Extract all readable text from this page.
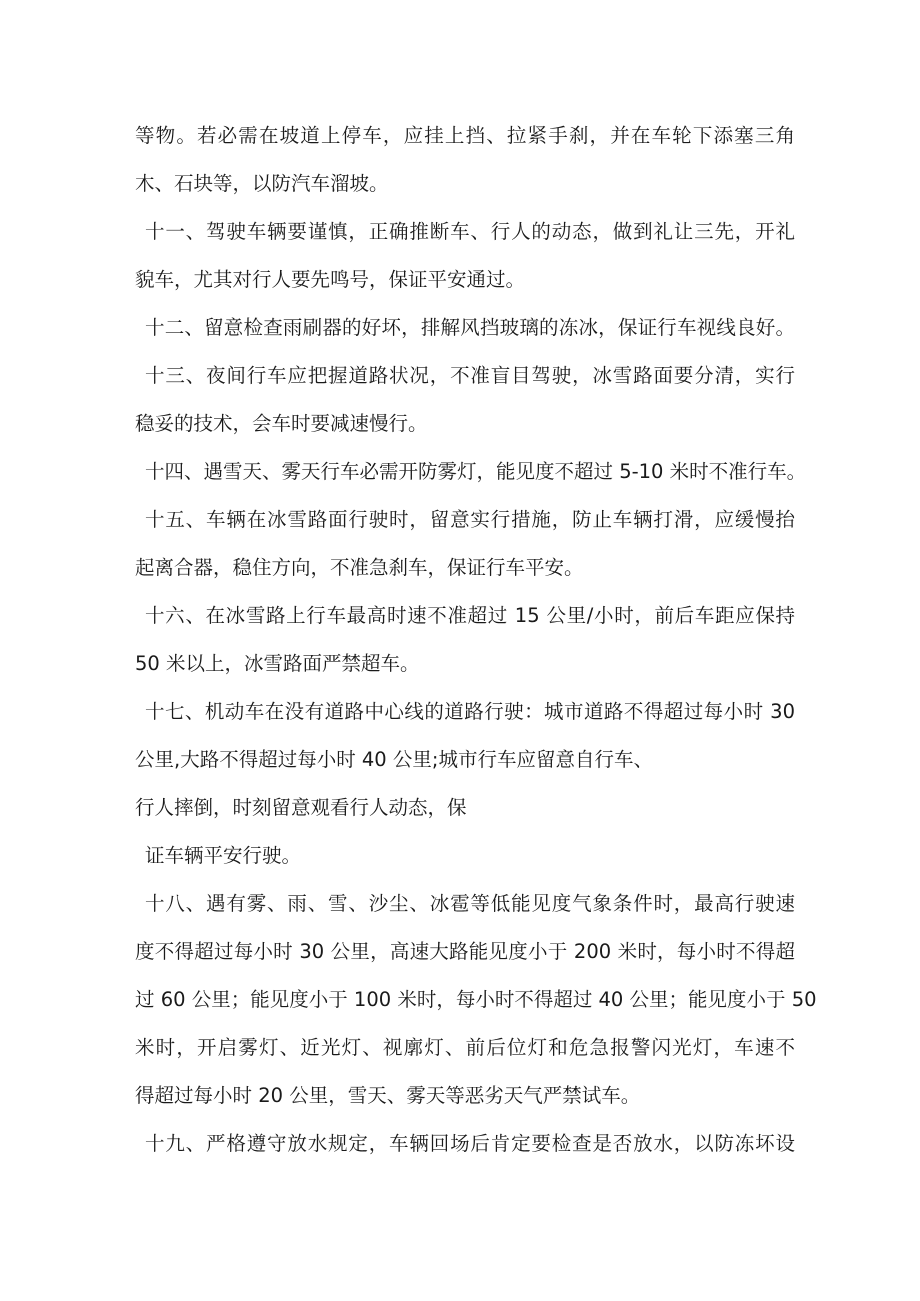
等物。若必需在坡道上停车，应挂上挡、拉紧手刹，并在车轮下添塞三角
木、石块等，以防汽车溜坡。
十一、驾驶车辆要谨慎，正确推断车、行人的动态，做到礼让三先，开礼
貌车，尤其对行人要先鸣号，保证平安通过。
十二、留意检查雨刷器的好坏，排解风挡玻璃的冻冰，保证行车视线良好。
十三、夜间行车应把握道路状况，不准盲目驾驶，冰雪路面要分清，实行
稳妥的技术，会车时要减速慢行。
十四、遇雪天、雾天行车必需开防雾灯，能见度不超过 5-10 米时不准行车。
十五、车辆在冰雪路面行驶时，留意实行措施，防止车辆打滑，应缓慢抬
起离合器，稳住方向，不准急刹车，保证行车平安。
十六、在冰雪路上行车最高时速不准超过 15 公里/小时，前后车距应保持
50 米以上，冰雪路面严禁超车。
十七、机动车在没有道路中心线的道路行驶：城市道路不得超过每小时 30
公里,大路不得超过每小时 40 公里;城市行车应留意自行车、
行人摔倒，时刻留意观看行人动态，保
证车辆平安行驶。
十八、遇有雾、雨、雪、沙尘、冰雹等低能见度气象条件时，最高行驶速
度不得超过每小时 30 公里，高速大路能见度小于 200 米时，每小时不得超
过 60 公里；能见度小于 100 米时，每小时不得超过 40 公里；能见度小于 50
米时，开启雾灯、近光灯、视廓灯、前后位灯和危急报警闪光灯，车速不
得超过每小时 20 公里，雪天、雾天等恶劣天气严禁试车。
十九、严格遵守放水规定，车辆回场后肯定要检查是否放水，以防冻坏设
